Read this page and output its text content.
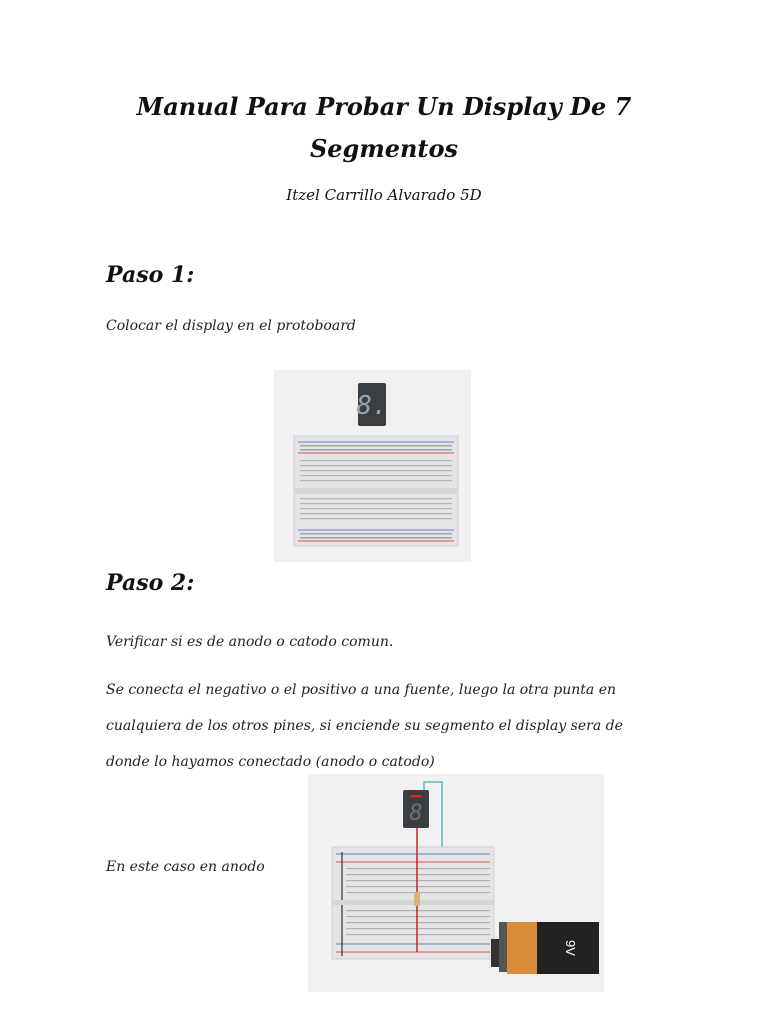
Manual Para Probar Un Display De 7
Segmentos
Itzel Carrillo Alvarado 5D
Paso 1:
Colocar el display en el protoboard
8.
Paso 2:
Verificar si es de anodo o catodo comun.
Se conecta el negativo o el positivo a una fuente, luego la otra punta en cualquiera de los otros pines, si enciende su segmento el display sera de donde lo hayamos conectado (anodo o catodo)
En este caso en anodo
8
9V
